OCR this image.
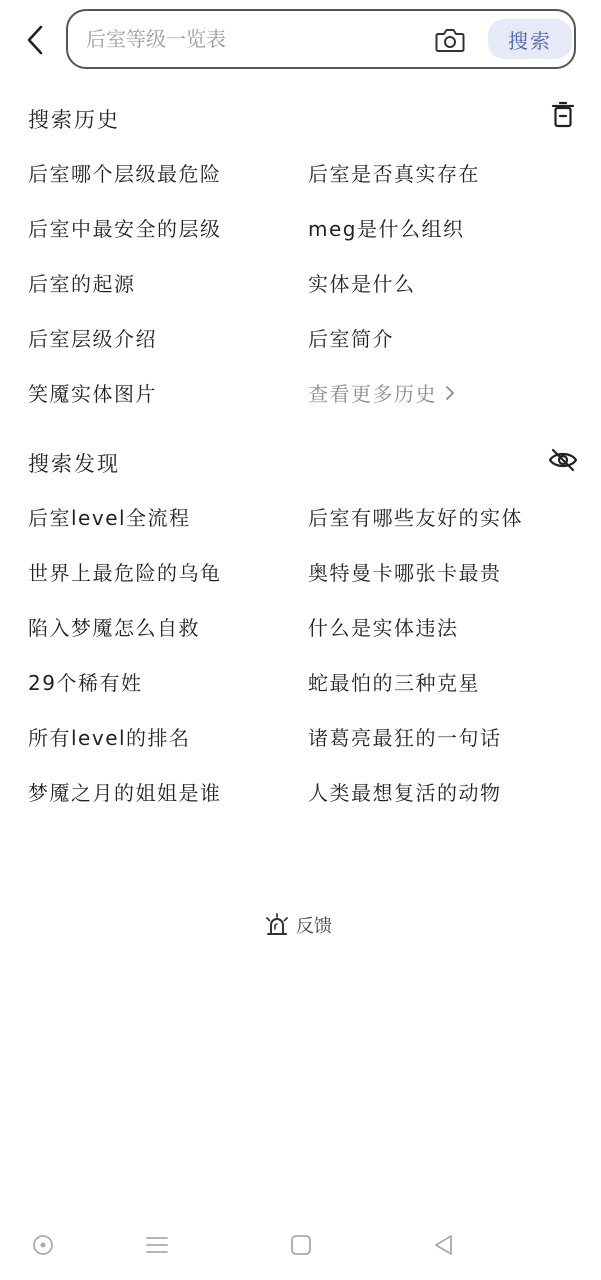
后室等级一览表
搜索
搜索历史
后室哪个层级最危险	后室是否真实存在
后室中最安全的层级	meg是什么组织
后室的起源	实体是什么
后室层级介绍	后室简介
笑魇实体图片	查看更多历史
搜索发现
后室level全流程	后室有哪些友好的实体
世界上最危险的乌龟	奥特曼卡哪张卡最贵
陷入梦魇怎么自救	什么是实体违法
29个稀有姓	蛇最怕的三种克星
所有level的排名	诸葛亮最狂的一句话
梦魇之月的姐姐是谁	人类最想复活的动物
反馈
